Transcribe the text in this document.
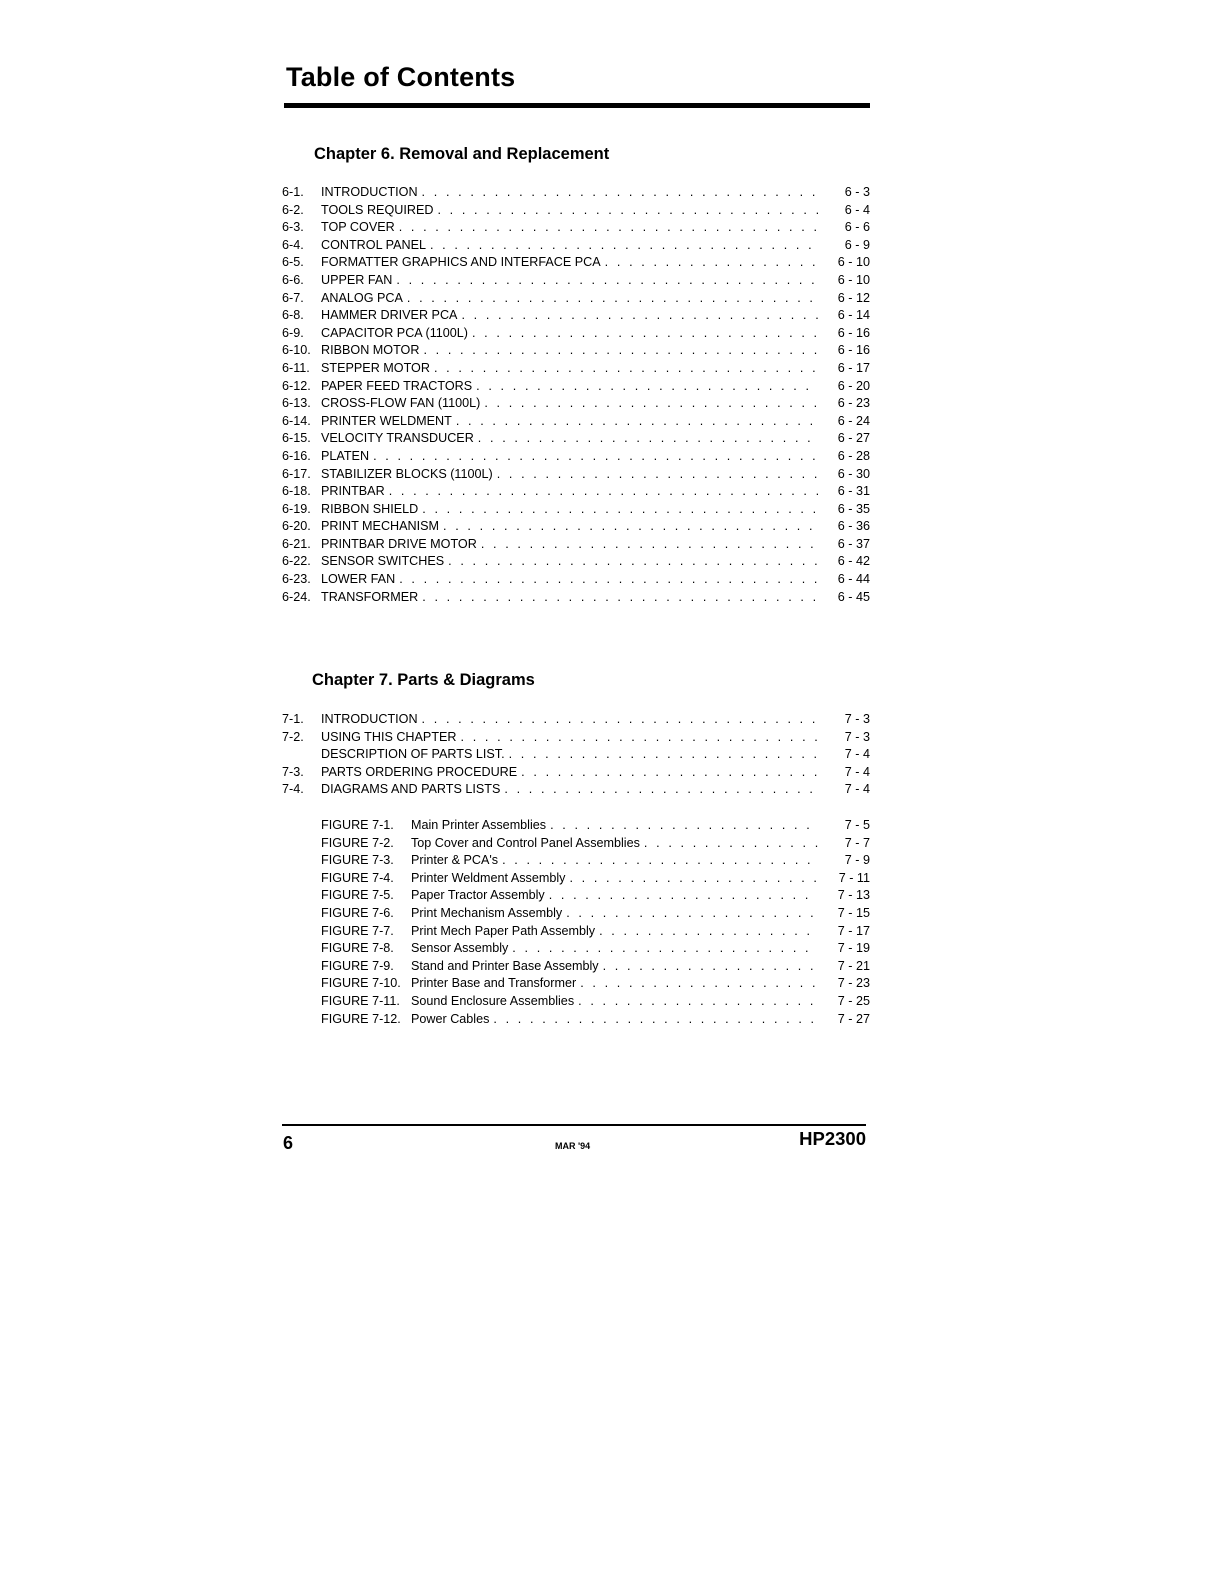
Table of Contents
Chapter 6. Removal and Replacement
6-1.	INTRODUCTION . . .	6 - 3
6-2.	TOOLS REQUIRED . . .	6 - 4
6-3.	TOP COVER . . .	6 - 6
6-4.	CONTROL PANEL . . .	6 - 9
6-5.	FORMATTER GRAPHICS AND INTERFACE PCA . . .	6 - 10
6-6.	UPPER FAN . . .	6 - 10
6-7.	ANALOG PCA . . .	6 - 12
6-8.	HAMMER DRIVER PCA . . .	6 - 14
6-9.	CAPACITOR PCA (1100L) . . .	6 - 16
6-10. RIBBON MOTOR . . .	6 - 16
6-11. STEPPER MOTOR . . .	6 - 17
6-12. PAPER FEED TRACTORS . . .	6 - 20
6-13. CROSS-FLOW FAN (1100L) . . .	6 - 23
6-14. PRINTER WELDMENT . . .	6 - 24
6-15. VELOCITY TRANSDUCER . . .	6 - 27
6-16. PLATEN . . .	6 - 28
6-17. STABILIZER BLOCKS (1100L) . . .	6 - 30
6-18. PRINTBAR . . .	6 - 31
6-19. RIBBON SHIELD . . .	6 - 35
6-20. PRINT MECHANISM . . .	6 - 36
6-21. PRINTBAR DRIVE MOTOR . . .	6 - 37
6-22. SENSOR SWITCHES . . .	6 - 42
6-23. LOWER FAN . . .	6 - 44
6-24. TRANSFORMER . . .	6 - 45
Chapter 7. Parts & Diagrams
7-1.	INTRODUCTION . . .	7 - 3
7-2.	USING THIS CHAPTER . . .	7 - 3
DESCRIPTION OF PARTS LIST. . . .	7 - 4
7-3.	PARTS ORDERING PROCEDURE . . .	7 - 4
7-4.	DIAGRAMS AND PARTS LISTS . . .	7 - 4
FIGURE 7-1.	Main Printer Assemblies . . .	7 - 5
FIGURE 7-2.	Top Cover and Control Panel Assemblies . . .	7 - 7
FIGURE 7-3.	Printer & PCA's . . .	7 - 9
FIGURE 7-4.	Printer Weldment Assembly . . .	7 - 11
FIGURE 7-5.	Paper Tractor Assembly . . .	7 - 13
FIGURE 7-6.	Print Mechanism Assembly . . .	7 - 15
FIGURE 7-7.	Print Mech Paper Path Assembly . . .	7 - 17
FIGURE 7-8.	Sensor Assembly . . .	7 - 19
FIGURE 7-9.	Stand and Printer Base Assembly . . .	7 - 21
FIGURE 7-10. Printer Base and Transformer . . .	7 - 23
FIGURE 7-11. Sound Enclosure Assemblies . . .	7 - 25
FIGURE 7-12. Power Cables . . .	7 - 27
6	MAR '94	HP2300
